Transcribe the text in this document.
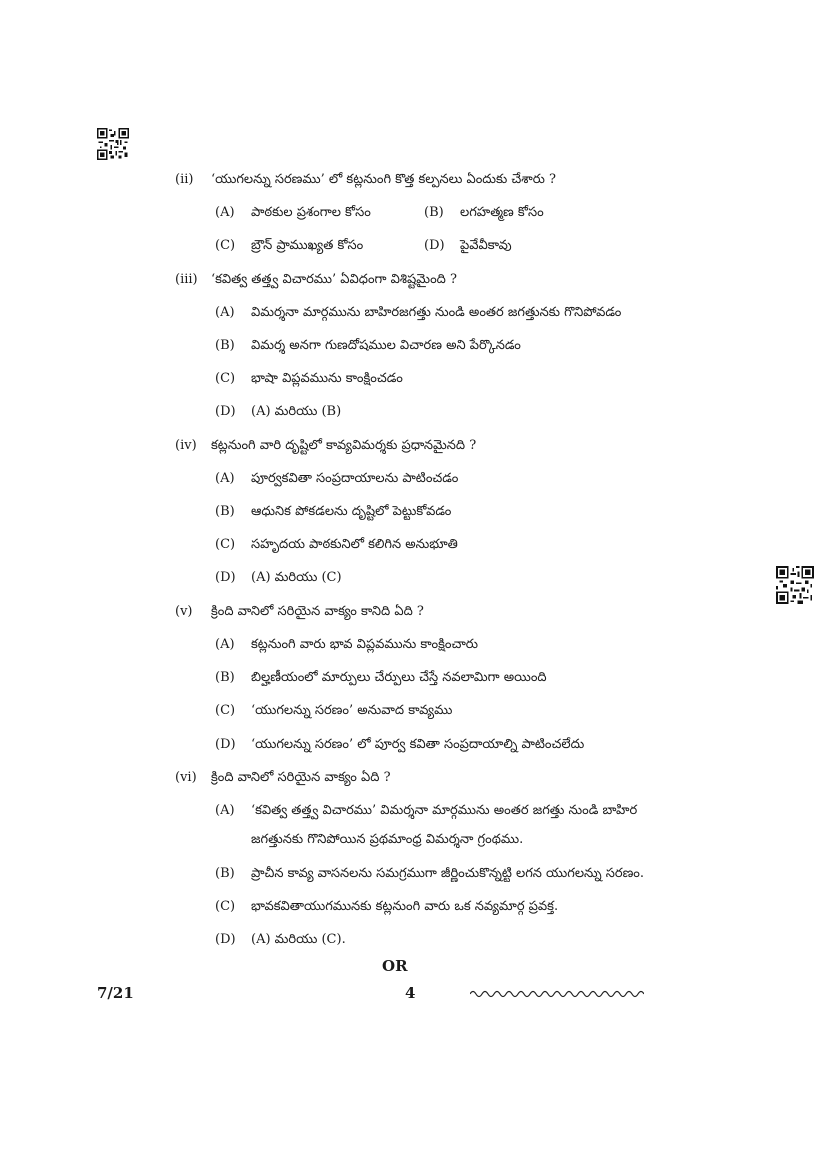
(ii) ‘యుగలన్ను సరణము’ లో కట్లనుంగి కొత్త కల్పనలు ఏందుకు చేశారు ?
(A) పాఠకుల ప్రశంగాల కోసం	(B) లగహత్మణ కోసం
(C) బ్రౌన్ ప్రాముఖ్యత కోసం	(D) పైవేవీకావు
(iii) ‘కవిత్వ తత్త్వ విచారము’ ఏవిధంగా విశిష్టమైంది ?
(A) విమర్శనా మార్గమును బాహిరజగత్తు నుండి అంతర జగత్తునకు గొనిపోవడం
(B) విమర్శ అనగా గుణదోషముల విచారణ అని పేర్కొనడం
(C) భాషా విప్లవమును కాంక్షించడం
(D) (A) మరియు (B)
(iv) కట్లనుంగి వారి దృష్టిలో కావ్యవిమర్శకు ప్రధానమైనది ?
(A) పూర్వకవితా సంప్రదాయాలను పాటించడం
(B) ఆధునిక పోకడలను దృష్టిలో పెట్టుకోవడం
(C) సహృదయ పాఠకునిలో కలిగిన అనుభూతి
(D) (A) మరియు (C)
(v) క్రింది వానిలో సరియైన వాక్యం కానిది ఏది ?
(A) కట్లనుంగి వారు భావ విప్లవమును కాంక్షించారు
(B) బిల్హణీయంలో మార్పులు చేర్పులు చేస్తే నవలామిగా అయింది
(C) ‘యుగలన్ను సరణం’ అనువాద కావ్యము
(D) ‘యుగలన్ను సరణం’ లో పూర్వ కవితా సంప్రదాయాల్ని పాటించలేదు
(vi) క్రింది వానిలో సరియైన వాక్యం ఏది ?
(A) ‘కవిత్వ తత్త్వ విచారము’ విమర్శనా మార్గమును అంతర జగత్తు నుండి బాహిర
జగత్తునకు గొనిపోయిన ప్రథమాంధ్ర విమర్శనా గ్రంథము.
(B) ప్రాచీన కావ్య వాసనలను సమగ్రముగా జీర్ణించుకొన్నట్టి లగన యుగలన్ను సరణం.
(C) భావకవితాయుగమునకు కట్లనుంగి వారు ఒక నవ్యమార్గ ప్రవక్త.
(D) (A) మరియు (C).
OR
7/21	4
